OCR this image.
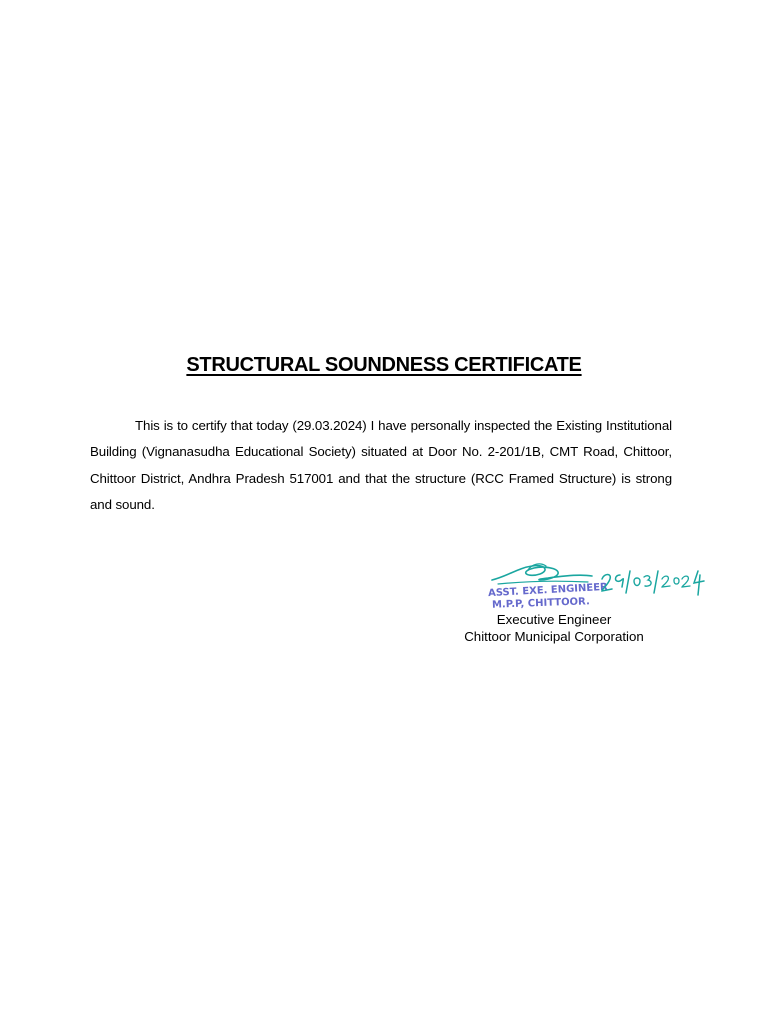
STRUCTURAL SOUNDNESS CERTIFICATE

This is to certify that today (29.03.2024) I have personally inspected the Existing Institutional Building (Vignanasudha Educational Society) situated at Door No. 2-201/1B, CMT Road, Chittoor, Chittoor District, Andhra Pradesh 517001 and that the structure (RCC Framed Structure) is strong and sound.

ASST. EXE. ENGINEER
M.P.P, CHITTOOR.

Executive Engineer
Chittoor Municipal Corporation
